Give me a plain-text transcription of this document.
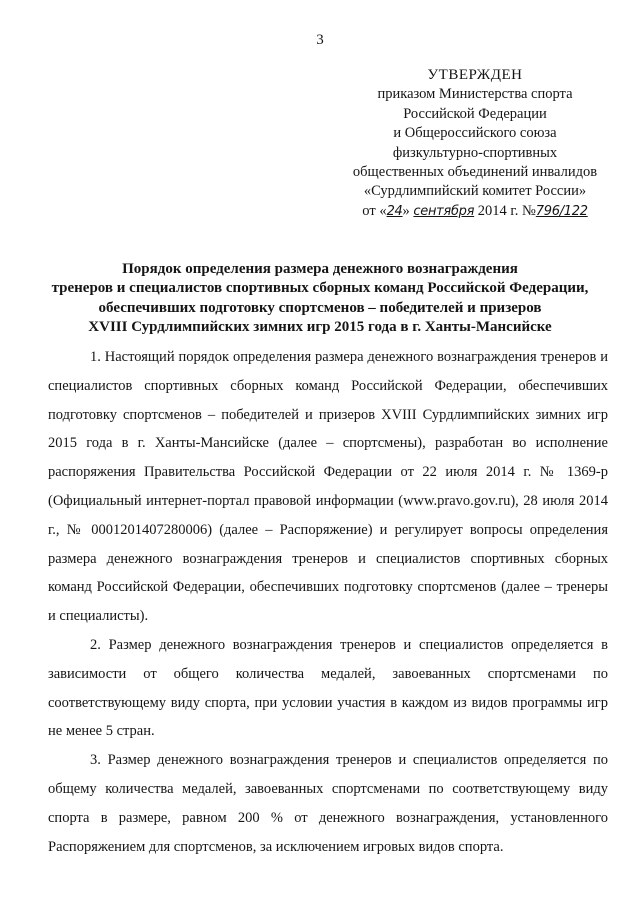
3
УТВЕРЖДЕН
приказом Министерства спорта
Российской Федерации
и Общероссийского союза
физкультурно-спортивных
общественных объединений инвалидов
«Сурдлимпийский комитет России»
от «24» сентября 2014 г. №796/122
Порядок определения размера денежного вознаграждения
тренеров и специалистов спортивных сборных команд Российской Федерации,
обеспечивших подготовку спортсменов – победителей и призеров
XVIII Сурдлимпийских зимних игр 2015 года в г. Ханты-Мансийске

1. Настоящий порядок определения размера денежного вознаграждения тренеров и специалистов спортивных сборных команд Российской Федерации, обеспечивших подготовку спортсменов – победителей и призеров XVIII Сурдлимпийских зимних игр 2015 года в г. Ханты-Мансийске (далее – спортсмены), разработан во исполнение распоряжения Правительства Российской Федерации от 22 июля 2014 г. № 1369-р (Официальный интернет-портал правовой информации (www.pravo.gov.ru), 28 июля 2014 г., № 0001201407280006) (далее – Распоряжение) и регулирует вопросы определения размера денежного вознаграждения тренеров и специалистов спортивных сборных команд Российской Федерации, обеспечивших подготовку спортсменов (далее – тренеры и специалисты).

2. Размер денежного вознаграждения тренеров и специалистов определяется в зависимости от общего количества медалей, завоеванных спортсменами по соответствующему виду спорта, при условии участия в каждом из видов программы игр не менее 5 стран.

3. Размер денежного вознаграждения тренеров и специалистов определяется по общему количества медалей, завоеванных спортсменами по соответствующему виду спорта в размере, равном 200 % от денежного вознаграждения, установленного Распоряжением для спортсменов, за исключением игровых видов спорта.
